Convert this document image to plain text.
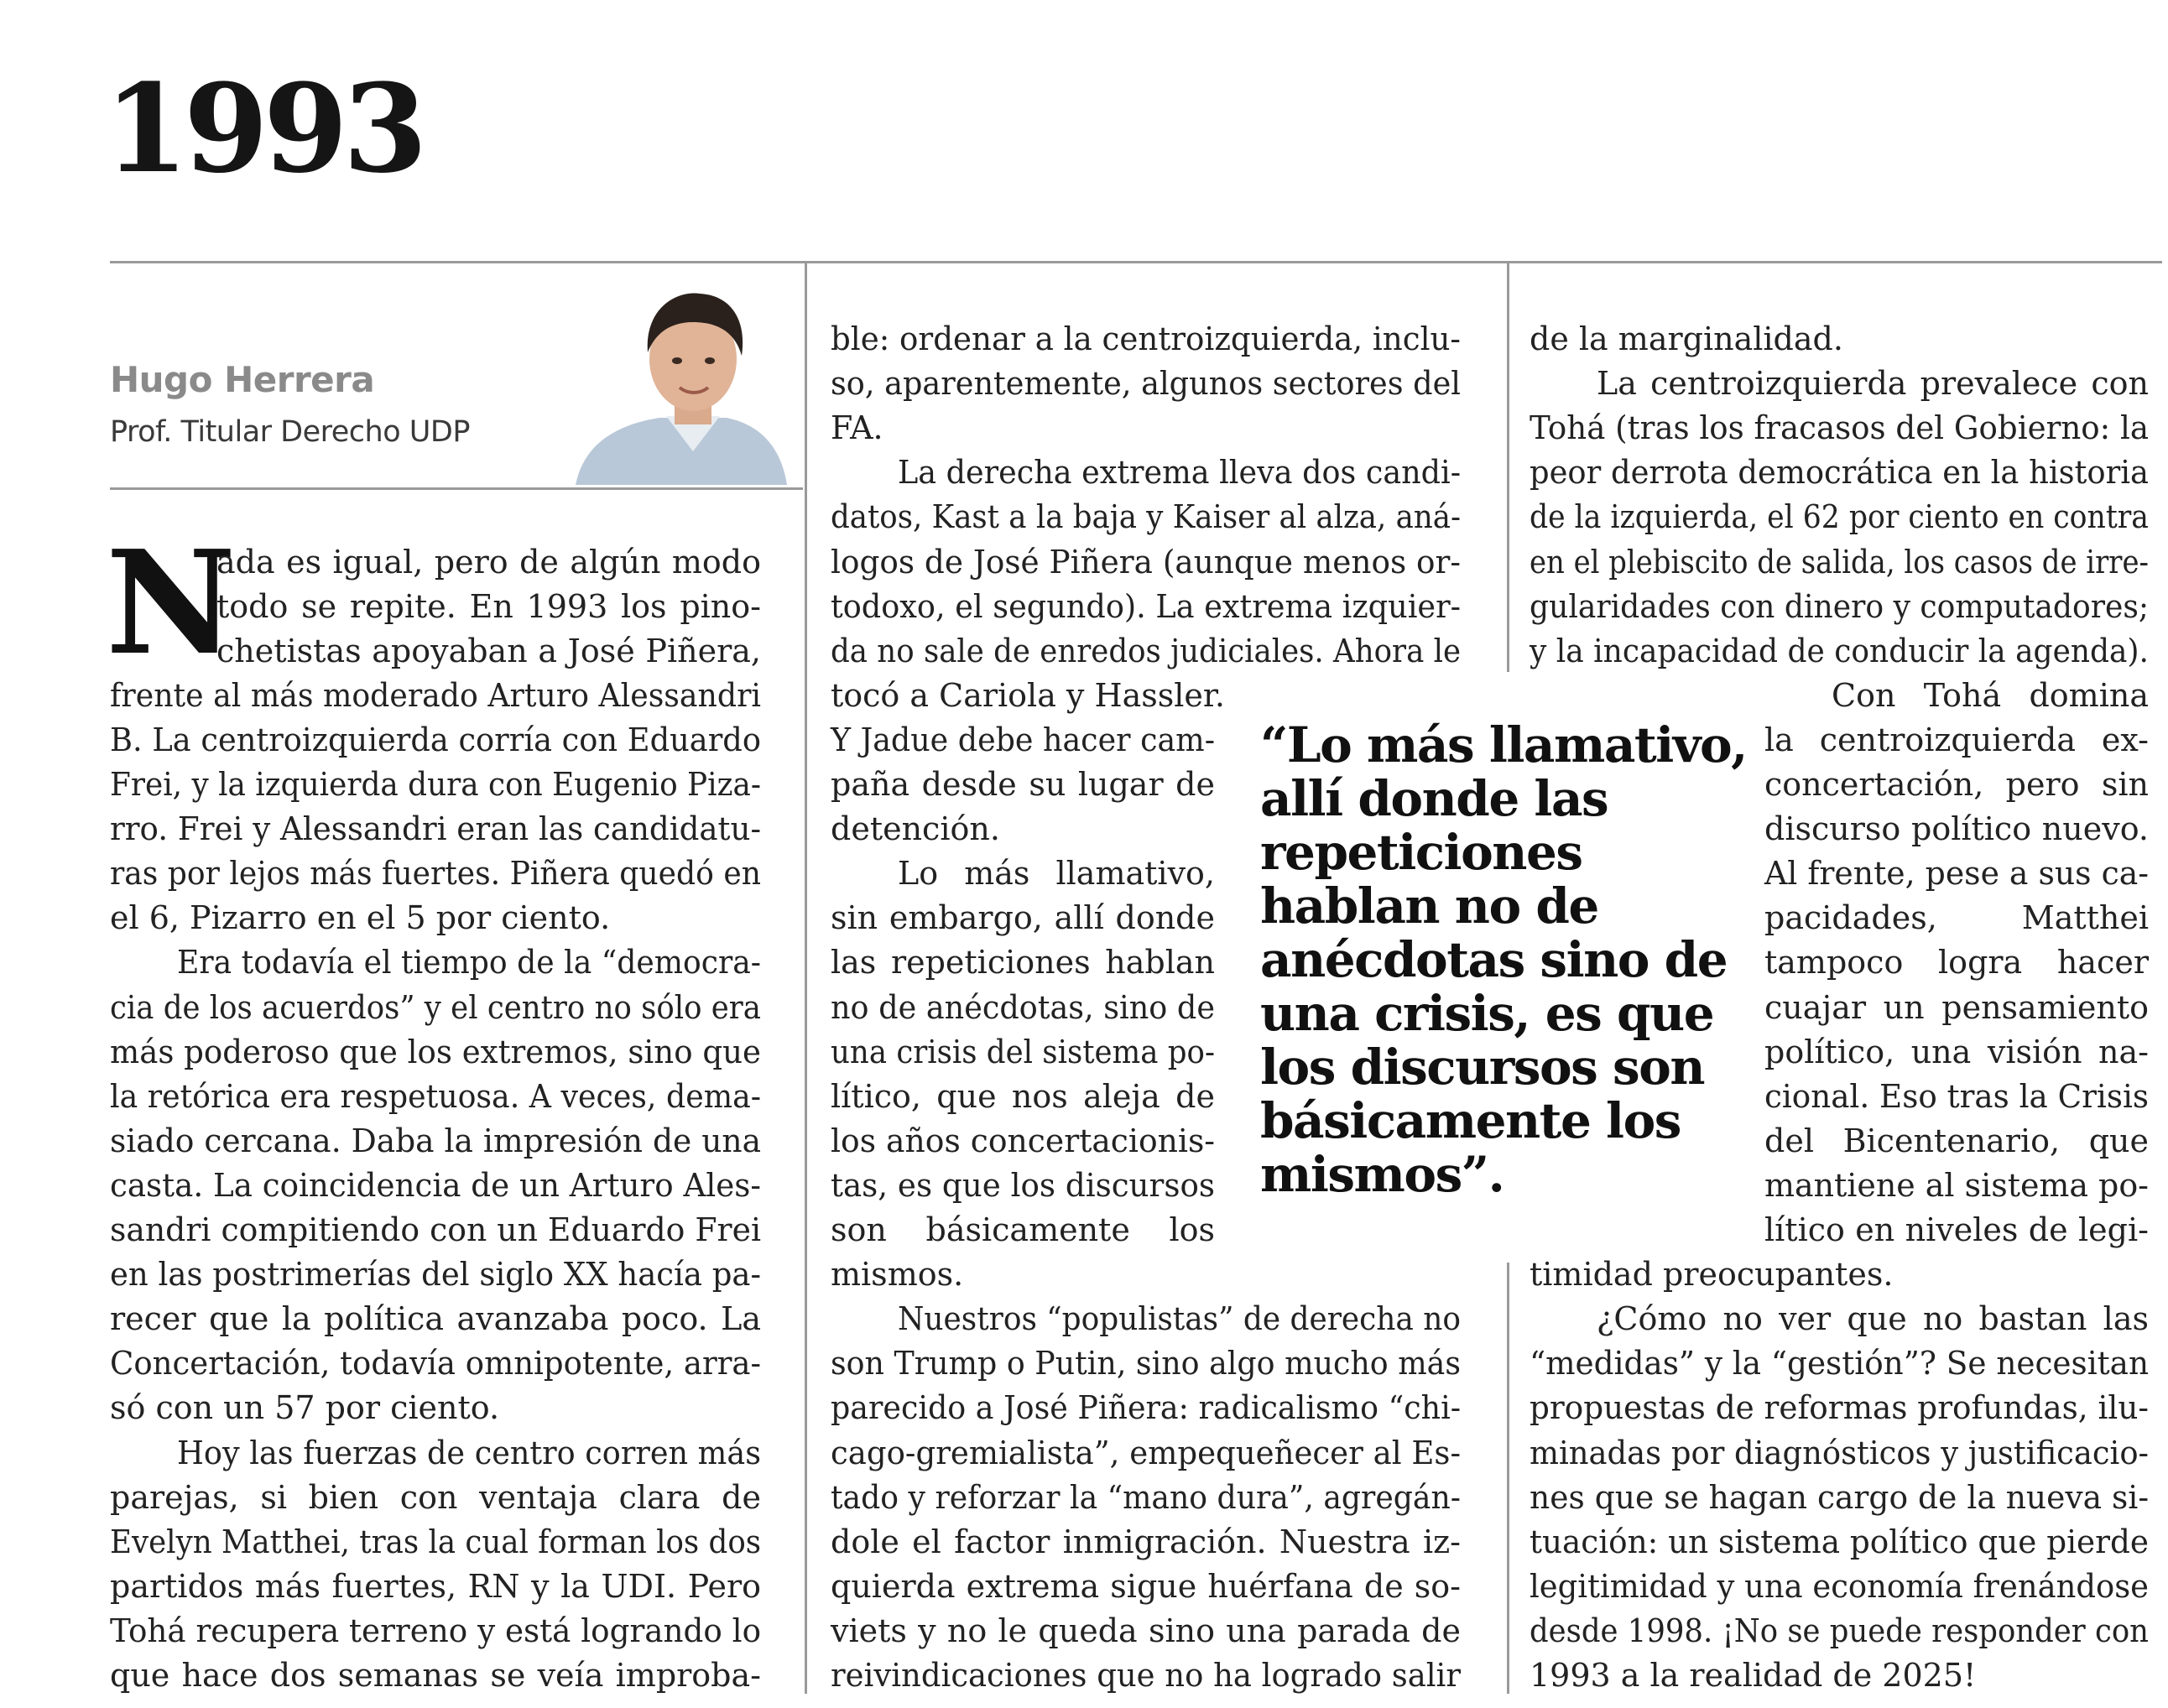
1993
Hugo Herrera
Prof. Titular Derecho UDP
N
“Lo más llamativo,
allí donde las
repeticiones
hablan no de
anécdotas sino de
una crisis, es que
los discursos son
básicamente los
mismos”.
ada es igual, pero de algún modo
todo se repite. En 1993 los pino-
chetistas apoyaban a José Piñera,
frente al más moderado Arturo Alessandri
B. La centroizquierda corría con Eduardo
Frei, y la izquierda dura con Eugenio Piza-
rro. Frei y Alessandri eran las candidatu-
ras por lejos más fuertes. Piñera quedó en
el 6, Pizarro en el 5 por ciento.
Era todavía el tiempo de la “democra-
cia de los acuerdos” y el centro no sólo era
más poderoso que los extremos, sino que
la retórica era respetuosa. A veces, dema-
siado cercana. Daba la impresión de una
casta. La coincidencia de un Arturo Ales-
sandri compitiendo con un Eduardo Frei
en las postrimerías del siglo XX hacía pa-
recer que la política avanzaba poco. La
Concertación, todavía omnipotente, arra-
só con un 57 por ciento.
Hoy las fuerzas de centro corren más
parejas, si bien con ventaja clara de
Evelyn Matthei, tras la cual forman los dos
partidos más fuertes, RN y la UDI. Pero
Tohá recupera terreno y está logrando lo
que hace dos semanas se veía improba-
ble: ordenar a la centroizquierda, inclu-
so, aparentemente, algunos sectores del
FA.
La derecha extrema lleva dos candi-
datos, Kast a la baja y Kaiser al alza, aná-
logos de José Piñera (aunque menos or-
todoxo, el segundo). La extrema izquier-
da no sale de enredos judiciales. Ahora le
tocó a Cariola y Hassler.
Y Jadue debe hacer cam-
paña desde su lugar de
detención.
Lo más llamativo,
sin embargo, allí donde
las repeticiones hablan
no de anécdotas, sino de
una crisis del sistema po-
lítico, que nos aleja de
los años concertacionis-
tas, es que los discursos
son básicamente los
mismos.
Nuestros “populistas” de derecha no
son Trump o Putin, sino algo mucho más
parecido a José Piñera: radicalismo “chi-
cago-gremialista”, empequeñecer al Es-
tado y reforzar la “mano dura”, agregán-
dole el factor inmigración. Nuestra iz-
quierda extrema sigue huérfana de so-
viets y no le queda sino una parada de
reivindicaciones que no ha logrado salir
de la marginalidad.
La centroizquierda prevalece con
Tohá (tras los fracasos del Gobierno: la
peor derrota democrática en la historia
de la izquierda, el 62 por ciento en contra
en el plebiscito de salida, los casos de irre-
gularidades con dinero y computadores;
y la incapacidad de conducir la agenda).
Con Tohá domina
la centroizquierda ex-
concertación, pero sin
discurso político nuevo.
Al frente, pese a sus ca-
pacidades, Matthei
tampoco logra hacer
cuajar un pensamiento
político, una visión na-
cional. Eso tras la Crisis
del Bicentenario, que
mantiene al sistema po-
lítico en niveles de legi-
timidad preocupantes.
¿Cómo no ver que no bastan las
“medidas” y la “gestión”? Se necesitan
propuestas de reformas profundas, ilu-
minadas por diagnósticos y justificacio-
nes que se hagan cargo de la nueva si-
tuación: un sistema político que pierde
legitimidad y una economía frenándose
desde 1998. ¡No se puede responder con
1993 a la realidad de 2025!
